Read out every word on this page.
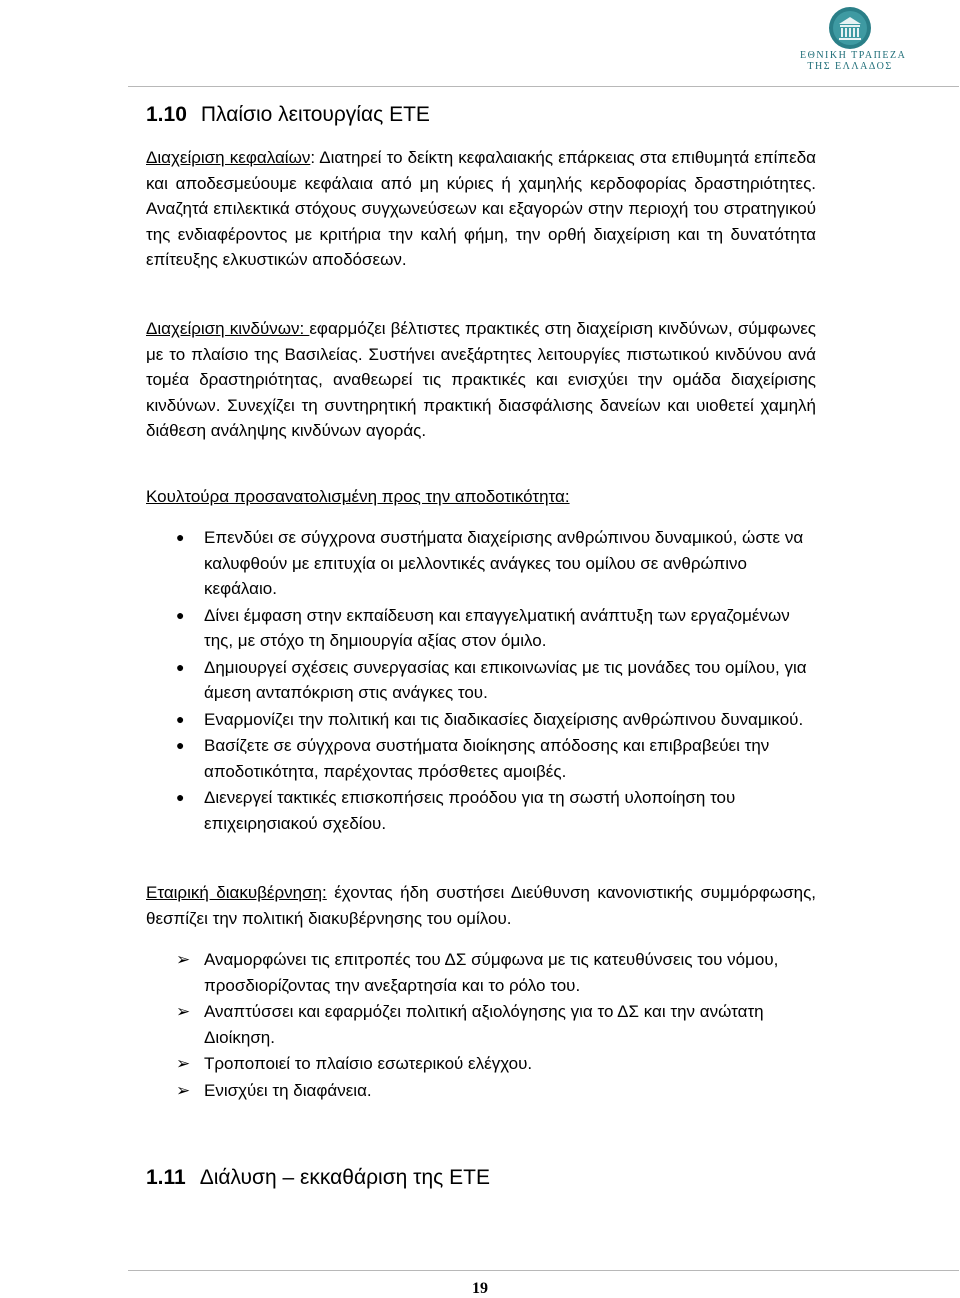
ΕΘΝΙΚΗ ΤΡΑΠΕΖΑ
ΤΗΣ ΕΛΛΑΔΟΣ
1.10 Πλαίσιο λειτουργίας ΕΤΕ

Διαχείριση κεφαλαίων: Διατηρεί το δείκτη κεφαλαιακής επάρκειας στα επιθυμητά επίπεδα και αποδεσμεύουμε κεφάλαια από μη κύριες ή χαμηλής κερδοφορίας δραστηριότητες. Αναζητά επιλεκτικά στόχους συγχωνεύσεων και εξαγορών στην περιοχή του στρατηγικού της ενδιαφέροντος με κριτήρια την καλή φήμη, την ορθή διαχείριση και τη δυνατότητα επίτευξης ελκυστικών αποδόσεων.

Διαχείριση κινδύνων: εφαρμόζει βέλτιστες πρακτικές στη διαχείριση κινδύνων, σύμφωνες με το πλαίσιο της Βασιλείας. Συστήνει ανεξάρτητες λειτουργίες πιστωτικού κινδύνου ανά τομέα δραστηριότητας, αναθεωρεί τις πρακτικές και ενισχύει την ομάδα διαχείρισης κινδύνων. Συνεχίζει τη συντηρητική πρακτική διασφάλισης δανείων και υιοθετεί χαμηλή διάθεση ανάληψης κινδύνων αγοράς.

Κουλτούρα προσανατολισμένη προς την αποδοτικότητα:

● Επενδύει σε σύγχρονα συστήματα διαχείρισης ανθρώπινου δυναμικού, ώστε να καλυφθούν με επιτυχία οι μελλοντικές ανάγκες του ομίλου σε ανθρώπινο κεφάλαιο.
● Δίνει έμφαση στην εκπαίδευση και επαγγελματική ανάπτυξη των εργαζομένων της, με στόχο τη δημιουργία αξίας στον όμιλο.
● Δημιουργεί σχέσεις συνεργασίας και επικοινωνίας με τις μονάδες του ομίλου, για άμεση ανταπόκριση στις ανάγκες του.
● Εναρμονίζει την πολιτική και τις διαδικασίες διαχείρισης ανθρώπινου δυναμικού.
● Βασίζετε σε σύγχρονα συστήματα διοίκησης απόδοσης και επιβραβεύει την αποδοτικότητα, παρέχοντας πρόσθετες αμοιβές.
● Διενεργεί τακτικές επισκοπήσεις προόδου για τη σωστή υλοποίηση του επιχειρησιακού σχεδίου.

Εταιρική διακυβέρνηση: έχοντας ήδη συστήσει Διεύθυνση κανονιστικής συμμόρφωσης, θεσπίζει την πολιτική διακυβέρνησης του ομίλου.

➢ Αναμορφώνει τις επιτροπές του ΔΣ σύμφωνα με τις κατευθύνσεις του νόμου, προσδιορίζοντας την ανεξαρτησία και το ρόλο του.
➢ Αναπτύσσει και εφαρμόζει πολιτική αξιολόγησης για το ΔΣ και την ανώτατη Διοίκηση.
➢ Τροποποιεί το πλαίσιο εσωτερικού ελέγχου.
➢ Ενισχύει τη διαφάνεια.
1.11 Διάλυση – εκκαθάριση της ΕΤΕ
19
